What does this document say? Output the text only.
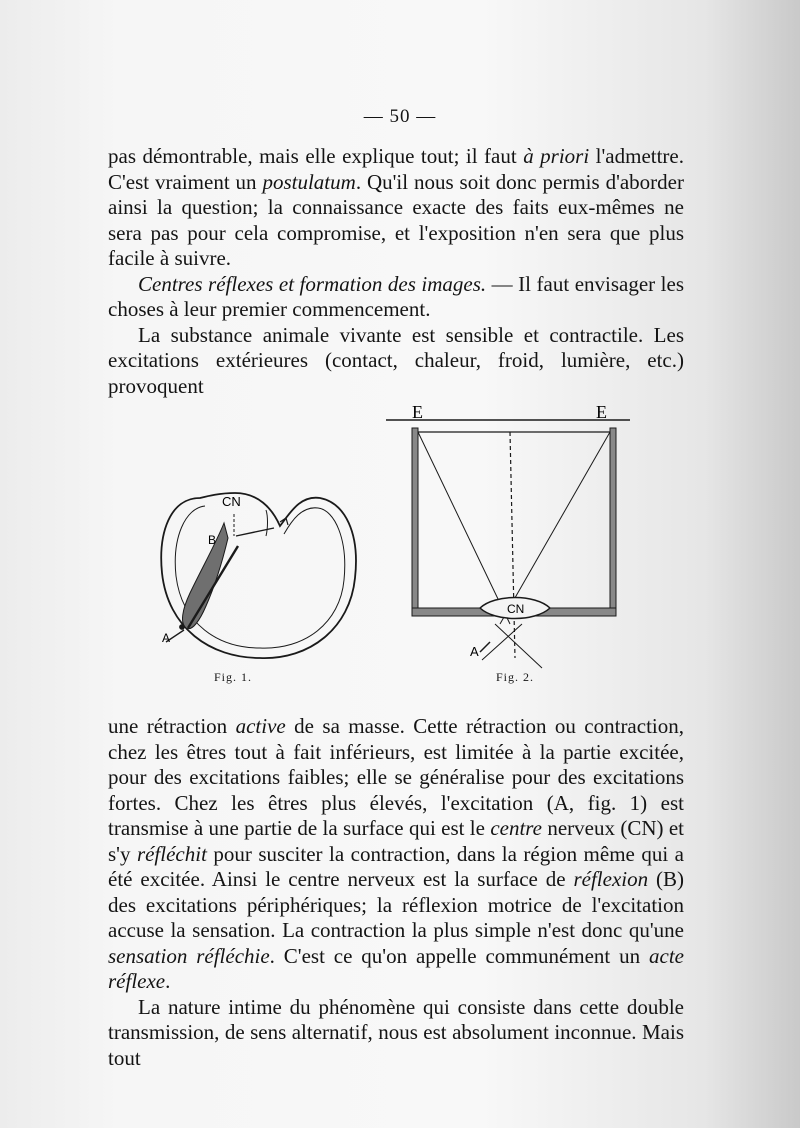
— 50 —

pas démontrable, mais elle explique tout; il faut à priori l'admettre. C'est vraiment un postulatum. Qu'il nous soit donc permis d'aborder ainsi la question; la connaissance exacte des faits eux-mêmes ne sera pas pour cela compromise, et l'exposition n'en sera que plus facile à suivre.

Centres réflexes et formation des images. — Il faut envisager les choses à leur premier commencement.

La substance animale vivante est sensible et contractile. Les excitations extérieures (contact, chaleur, froid, lumière, etc.) provoquent

CN
B
A
E	E
CN
A
Fig. 1.	Fig. 2.

une rétraction active de sa masse. Cette rétraction ou contraction, chez les êtres tout à fait inférieurs, est limitée à la partie excitée, pour des excitations faibles; elle se généralise pour des excitations fortes. Chez les êtres plus élevés, l'excitation (A, fig. 1) est transmise à une partie de la surface qui est le centre nerveux (CN) et s'y réfléchit pour susciter la contraction, dans la région même qui a été excitée. Ainsi le centre nerveux est la surface de réflexion (B) des excitations périphériques; la réflexion motrice de l'excitation accuse la sensation. La contraction la plus simple n'est donc qu'une sensation réfléchie. C'est ce qu'on appelle communément un acte réflexe.

La nature intime du phénomène qui consiste dans cette double transmission, de sens alternatif, nous est absolument inconnue. Mais tout
